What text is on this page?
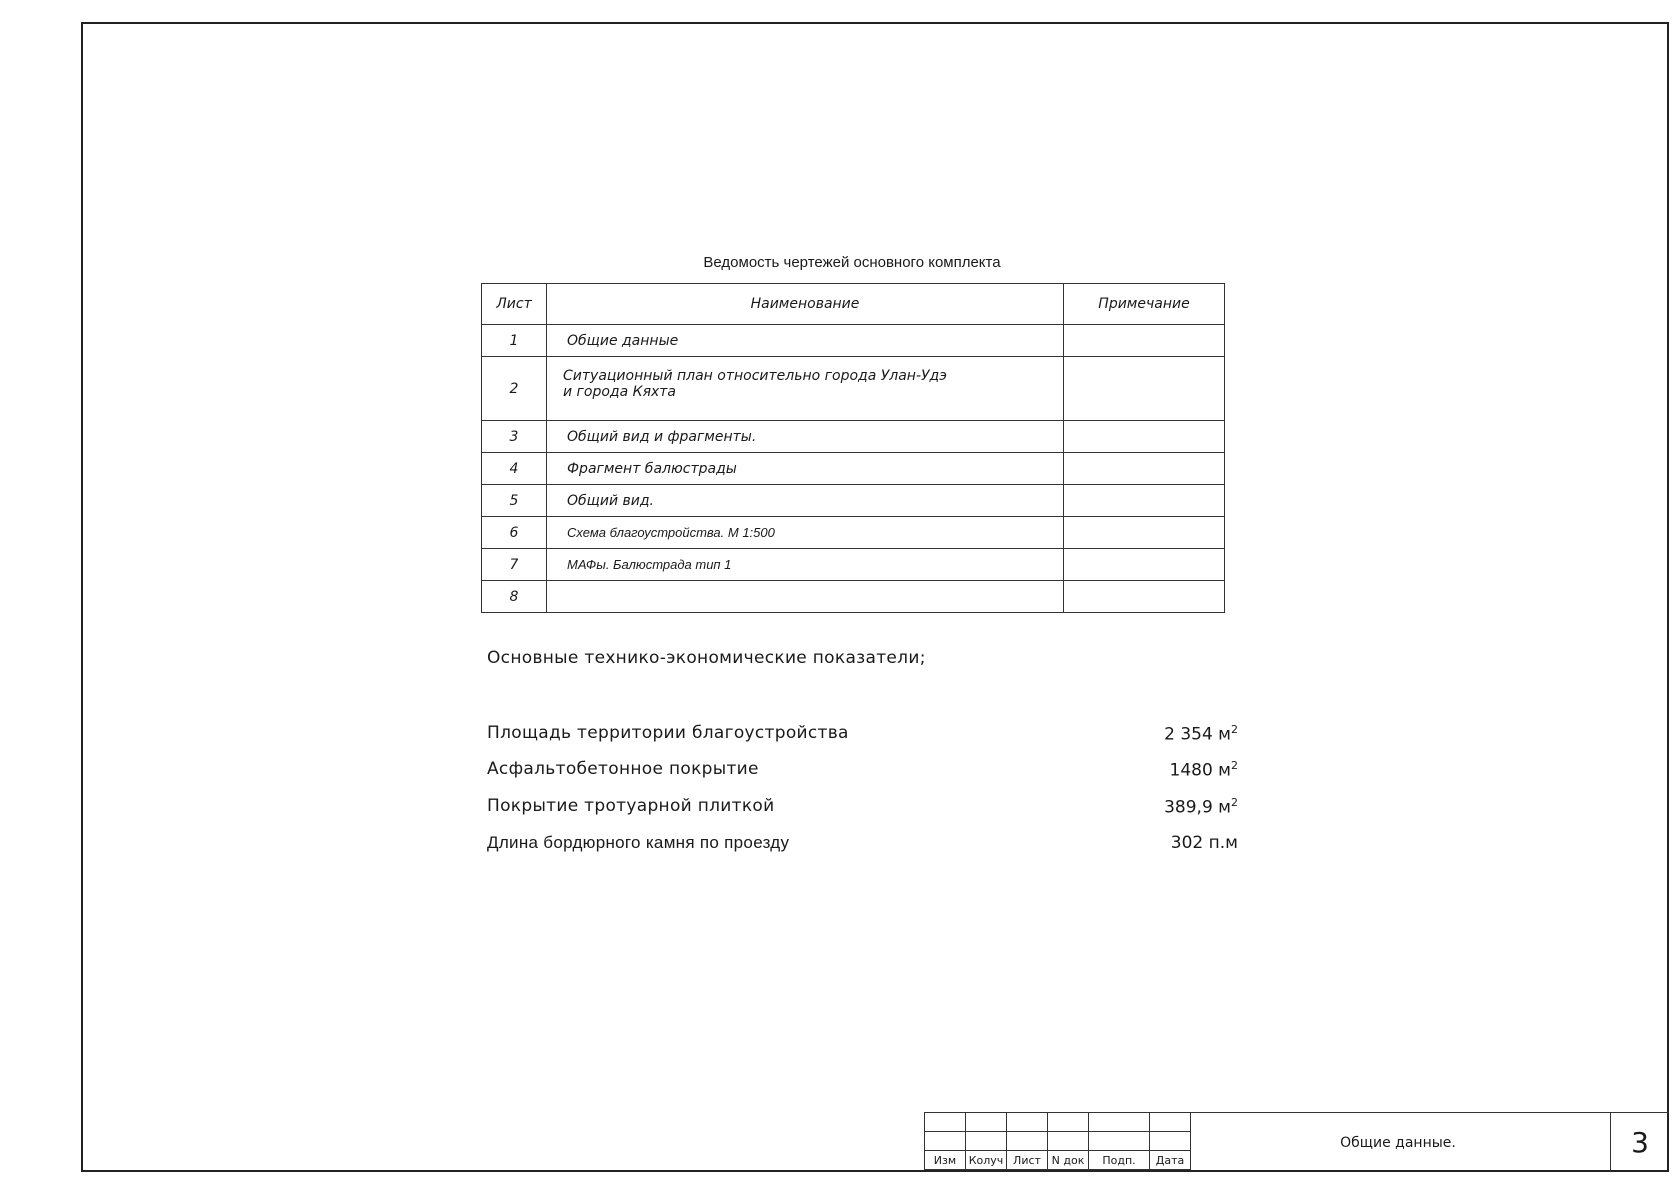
Ведомость чертежей основного комплекта
Лист	Наименование	Примечание
1	Общие данные	
2	Ситуационный план относительно города Улан-Удэ
и города Кяхта	

3	Общий вид и фрагменты.	
4	Фрагмент балюстрады	
5	Общий вид.	
6	Схема благоустройства. М 1:500	
7	МАФы. Балюстрада тип 1	
8		
Основные технико-экономические показатели;
Площадь территории благоустройства	2 354 $м^2$
Асфальтобетонное покрытие	1480 $м^2$
Покрытие тротуарной плиткой	389,9 $м^2$
Длина бордюрного камня по проезду	302 п.м

Изм	Колуч	Лист	N док	Подп.	Дата
Общие данные.	3
